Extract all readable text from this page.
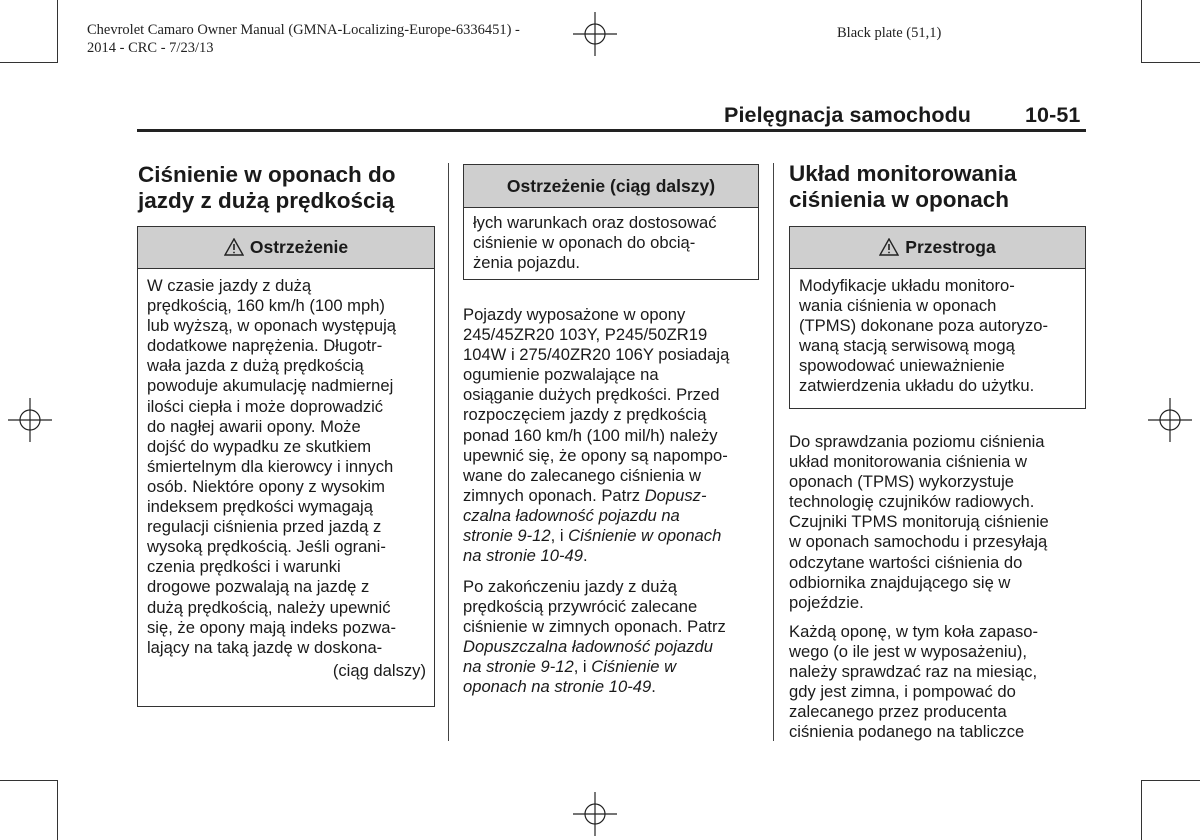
Chevrolet Camaro Owner Manual (GMNA-Localizing-Europe-6336451) -
2014 - CRC - 7/23/13
Black plate (51,1)
Pielęgnacja samochodu	10-51
Ciśnienie w oponach do
jazdy z dużą prędkością
Ostrzeżenie
W czasie jazdy z dużą
prędkością, 160 km/h (100 mph)
lub wyższą, w oponach występują
dodatkowe naprężenia. Długotr‐
wała jazda z dużą prędkością
powoduje akumulację nadmiernej
ilości ciepła i może doprowadzić
do nagłej awarii opony. Może
dojść do wypadku ze skutkiem
śmiertelnym dla kierowcy i innych
osób. Niektóre opony z wysokim
indeksem prędkości wymagają
regulacji ciśnienia przed jazdą z
wysoką prędkością. Jeśli ograni‐
czenia prędkości i warunki
drogowe pozwalają na jazdę z
dużą prędkością, należy upewnić
się, że opony mają indeks pozwa‐
lający na taką jazdę w doskona‐
(ciąg dalszy)
Ostrzeżenie (ciąg dalszy)
łych warunkach oraz dostosować
ciśnienie w oponach do obcią‐
żenia pojazdu.
Pojazdy wyposażone w opony
245/45ZR20 103Y, P245/50ZR19
104W i 275/40ZR20 106Y posiadają
ogumienie pozwalające na
osiąganie dużych prędkości. Przed
rozpoczęciem jazdy z prędkością
ponad 160 km/h (100 mil/h) należy
upewnić się, że opony są napompo‐
wane do zalecanego ciśnienia w
zimnych oponach. Patrz Dopusz‐
czalna ładowność pojazdu na
stronie 9-12, i Ciśnienie w oponach
na stronie 10-49.
Po zakończeniu jazdy z dużą
prędkością przywrócić zalecane
ciśnienie w zimnych oponach. Patrz
Dopuszczalna ładowność pojazdu
na stronie 9-12, i Ciśnienie w
oponach na stronie 10-49.
Układ monitorowania
ciśnienia w oponach
Przestroga
Modyfikacje układu monitoro‐
wania ciśnienia w oponach
(TPMS) dokonane poza autoryzo‐
waną stacją serwisową mogą
spowodować unieważnienie
zatwierdzenia układu do użytku.
Do sprawdzania poziomu ciśnienia
układ monitorowania ciśnienia w
oponach (TPMS) wykorzystuje
technologię czujników radiowych.
Czujniki TPMS monitorują ciśnienie
w oponach samochodu i przesyłają
odczytane wartości ciśnienia do
odbiornika znajdującego się w
pojeździe.
Każdą oponę, w tym koła zapaso‐
wego (o ile jest w wyposażeniu),
należy sprawdzać raz na miesiąc,
gdy jest zimna, i pompować do
zalecanego przez producenta
ciśnienia podanego na tabliczce
